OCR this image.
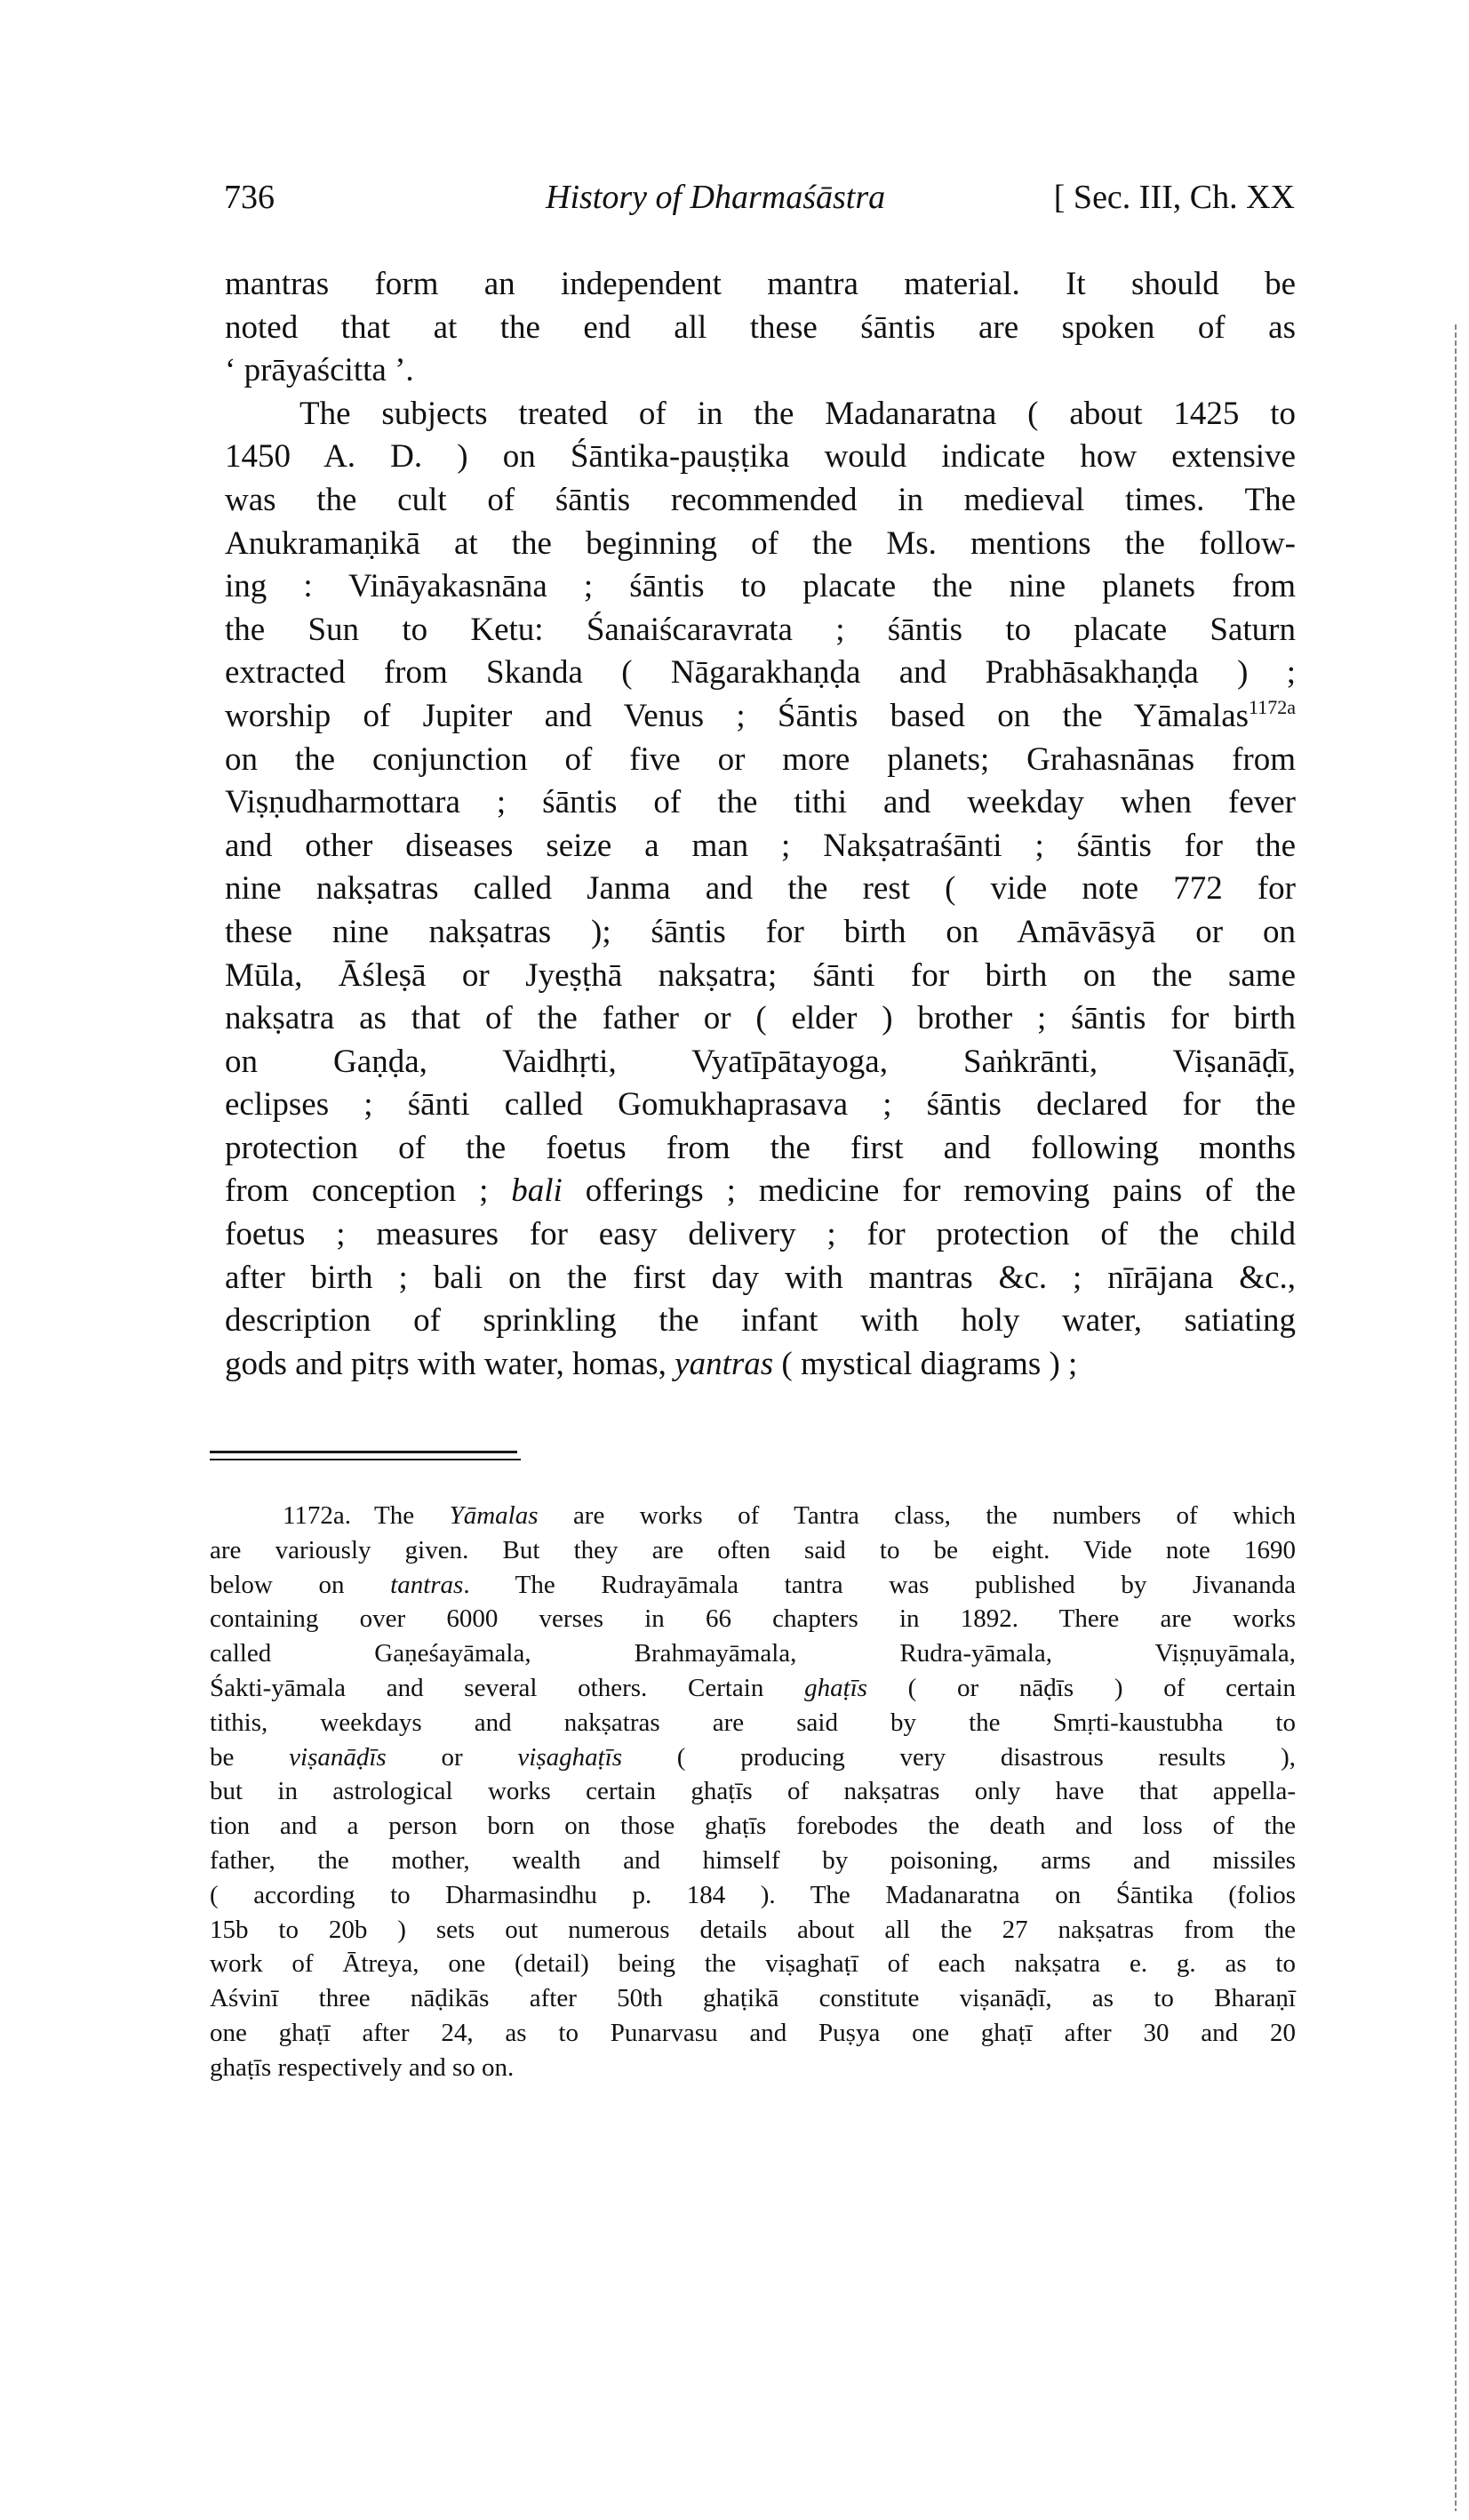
736	History of Dharmaśāstra	[ Sec. III, Ch. XX
mantras form an independent mantra material. It should be
noted that at the end all these śāntis are spoken of as
‘ prāyaścitta ’.
The subjects treated of in the Madanaratna ( about 1425 to
1450 A. D. ) on Śāntika-pauṣṭika would indicate how extensive
was the cult of śāntis recommended in medieval times. The
Anukramaṇikā at the beginning of the Ms. mentions the follow-
ing : Vināyakasnāna ; śāntis to placate the nine planets from
the Sun to Ketu: Śanaiścaravrata ; śāntis to placate Saturn
extracted from Skanda ( Nāgarakhaṇḍa and Prabhāsakhaṇḍa ) ;
worship of Jupiter and Venus ; Śāntis based on the Yāmalas$^{1172a}$
on the conjunction of five or more planets; Grahasnānas from
Viṣṇudharmottara ; śāntis of the tithi and weekday when fever
and other diseases seize a man ; Nakṣatraśānti ; śāntis for the
nine nakṣatras called Janma and the rest ( vide note 772 for
these nine nakṣatras ); śāntis for birth on Amāvāsyā or on
Mūla, Āśleṣā or Jyeṣṭhā nakṣatra; śānti for birth on the same
nakṣatra as that of the father or ( elder ) brother ; śāntis for birth
on Gaṇḍa, Vaidhṛti, Vyatīpātayoga, Saṅkrānti, Viṣanāḍī,
eclipses ; śānti called Gomukhaprasava ; śāntis declared for the
protection of the foetus from the first and following months
from conception ; bali offerings ; medicine for removing pains of the
foetus ; measures for easy delivery ; for protection of the child
after birth ; bali on the first day with mantras &c. ; nīrājana &c.,
description of sprinkling the infant with holy water, satiating
gods and pitṛs with water, homas, yantras ( mystical diagrams ) ;
1172a. The Yāmalas are works of Tantra class, the numbers of which
are variously given. But they are often said to be eight. Vide note 1690
below on tantras. The Rudrayāmala tantra was published by Jivananda
containing over 6000 verses in 66 chapters in 1892. There are works
called Gaṇeśayāmala, Brahmayāmala, Rudra-yāmala, Viṣṇuyāmala,
Śakti-yāmala and several others. Certain ghaṭīs ( or nāḍīs ) of certain
tithis, weekdays and nakṣatras are said by the Smṛti-kaustubha to
be viṣanāḍīs or viṣaghaṭīs ( producing very disastrous results ),
but in astrological works certain ghaṭīs of nakṣatras only have that appella-
tion and a person born on those ghaṭīs forebodes the death and loss of the
father, the mother, wealth and himself by poisoning, arms and missiles
( according to Dharmasindhu p. 184 ). The Madanaratna on Śāntika (folios
15b to 20b ) sets out numerous details about all the 27 nakṣatras from the
work of Ātreya, one (detail) being the viṣaghaṭī of each nakṣatra e. g. as to
Aśvinī three nāḍikās after 50th ghaṭikā constitute viṣanāḍī, as to Bharaṇī
one ghaṭī after 24, as to Punarvasu and Puṣya one ghaṭī after 30 and 20
ghaṭīs respectively and so on.
